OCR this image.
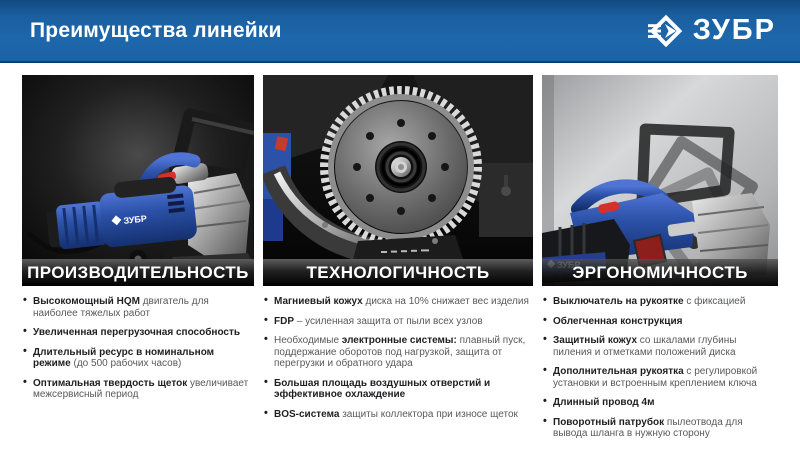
Преимущества линейки	ЗУБР
ЗУБР
ПРОИЗВОДИТЕЛЬНОСТЬ
• Высокомощный HQM двигатель для наиболее тяжелых работ
• Увеличенная перегрузочная способность
• Длительный ресурс в номинальном режиме (до 500 рабочих часов)
• Оптимальная твердость щеток увеличивает межсервисный период
ТЕХНОЛОГИЧНОСТЬ
• Магниевый кожух диска на 10% снижает вес изделия
• FDP – усиленная защита от пыли всех узлов
• Необходимые электронные системы: плавный пуск, поддержание оборотов под нагрузкой, защита от перегрузки и обратного удара
• Большая площадь воздушных отверстий и эффективное охлаждение
• BOS-система защиты коллектора при износе щеток
ЭРГОНОМИЧНОСТЬ
• Выключатель на рукоятке с фиксацией
• Облегченная конструкция
• Защитный кожух со шкалами глубины пиления и отметками положений диска
• Дополнительная рукоятка с регулировкой установки и встроенным креплением ключа
• Длинный провод 4м
• Поворотный патрубок пылеотвода для вывода шланга в нужную сторону
